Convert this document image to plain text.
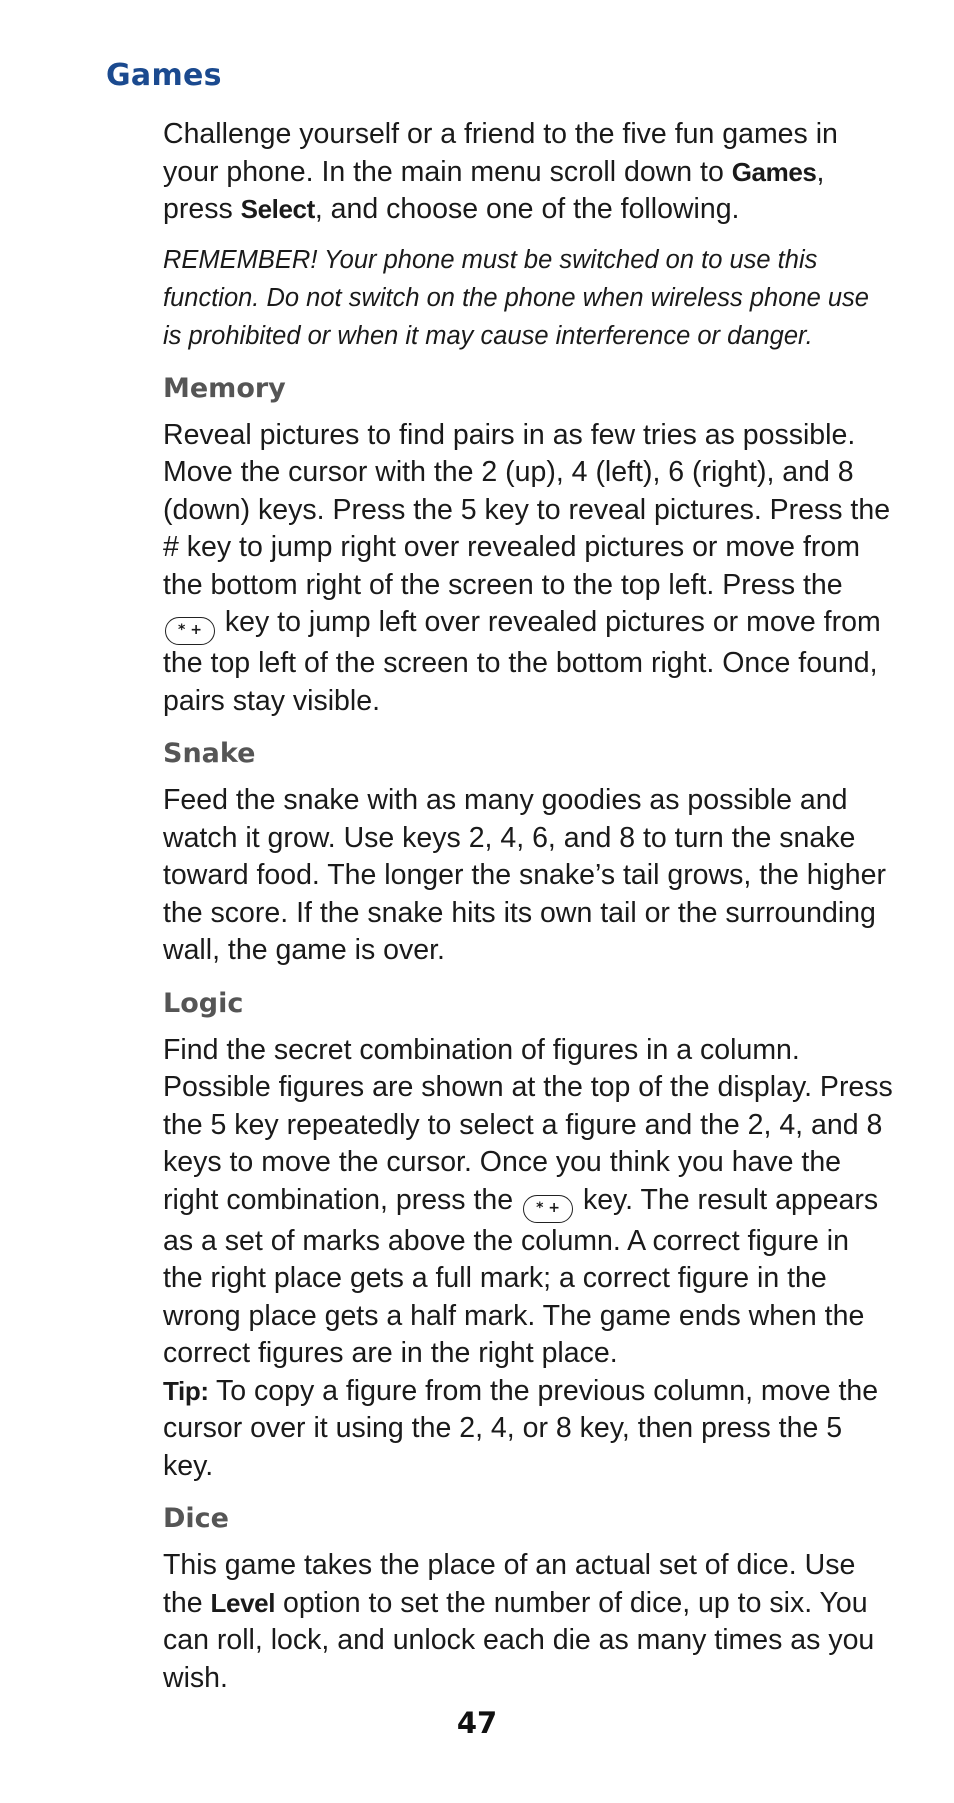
Games

Challenge yourself or a friend to the five fun games in your phone. In the main menu scroll down to Games, press Select, and choose one of the following.

REMEMBER! Your phone must be switched on to use this function. Do not switch on the phone when wireless phone use is prohibited or when it may cause interference or danger.

Memory

Reveal pictures to find pairs in as few tries as possible. Move the cursor with the 2 (up), 4 (left), 6 (right), and 8 (down) keys. Press the 5 key to reveal pictures. Press the # key to jump right over revealed pictures or move from the bottom right of the screen to the top left. Press the * + key to jump left over revealed pictures or move from the top left of the screen to the bottom right. Once found, pairs stay visible.

Snake

Feed the snake with as many goodies as possible and watch it grow. Use keys 2, 4, 6, and 8 to turn the snake toward food. The longer the snake’s tail grows, the higher the score. If the snake hits its own tail or the surrounding wall, the game is over.

Logic

Find the secret combination of figures in a column. Possible figures are shown at the top of the display. Press the 5 key repeatedly to select a figure and the 2, 4, and 8 keys to move the cursor. Once you think you have the right combination, press the * + key. The result appears as a set of marks above the column. A correct figure in the right place gets a full mark; a correct figure in the wrong place gets a half mark. The game ends when the correct figures are in the right place.
Tip: To copy a figure from the previous column, move the cursor over it using the 2, 4, or 8 key, then press the 5 key.

Dice

This game takes the place of an actual set of dice. Use the Level option to set the number of dice, up to six. You can roll, lock, and unlock each die as many times as you wish.

47
